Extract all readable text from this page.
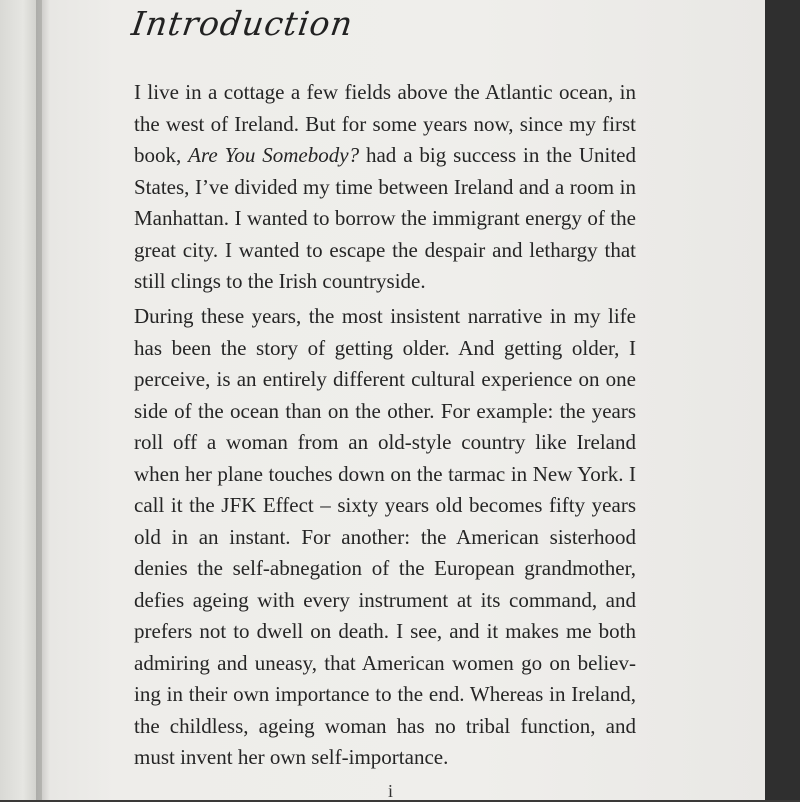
Introduction

I live in a cottage a few fields above the Atlantic ocean, in the west of Ireland. But for some years now, since my first book, Are You Somebody? had a big success in the United States, I’ve divided my time between Ireland and a room in Manhattan. I wanted to borrow the immigrant energy of the great city. I wanted to escape the despair and lethargy that still clings to the Irish countryside.

During these years, the most insistent narrative in my life has been the story of getting older. And getting older, I perceive, is an entirely different cultural experience on one side of the ocean than on the other. For example: the years roll off a woman from an old-style country like Ireland when her plane touches down on the tarmac in New York. I call it the JFK Effect – sixty years old becomes fifty years old in an instant. For another: the American sisterhood denies the self-abnegation of the European grandmother, defies ageing with every instrument at its command, and prefers not to dwell on death. I see, and it makes me both admiring and uneasy, that American women go on believing in their own importance to the end. Whereas in Ireland, the childless, ageing woman has no tribal function, and must invent her own self-importance.

i
